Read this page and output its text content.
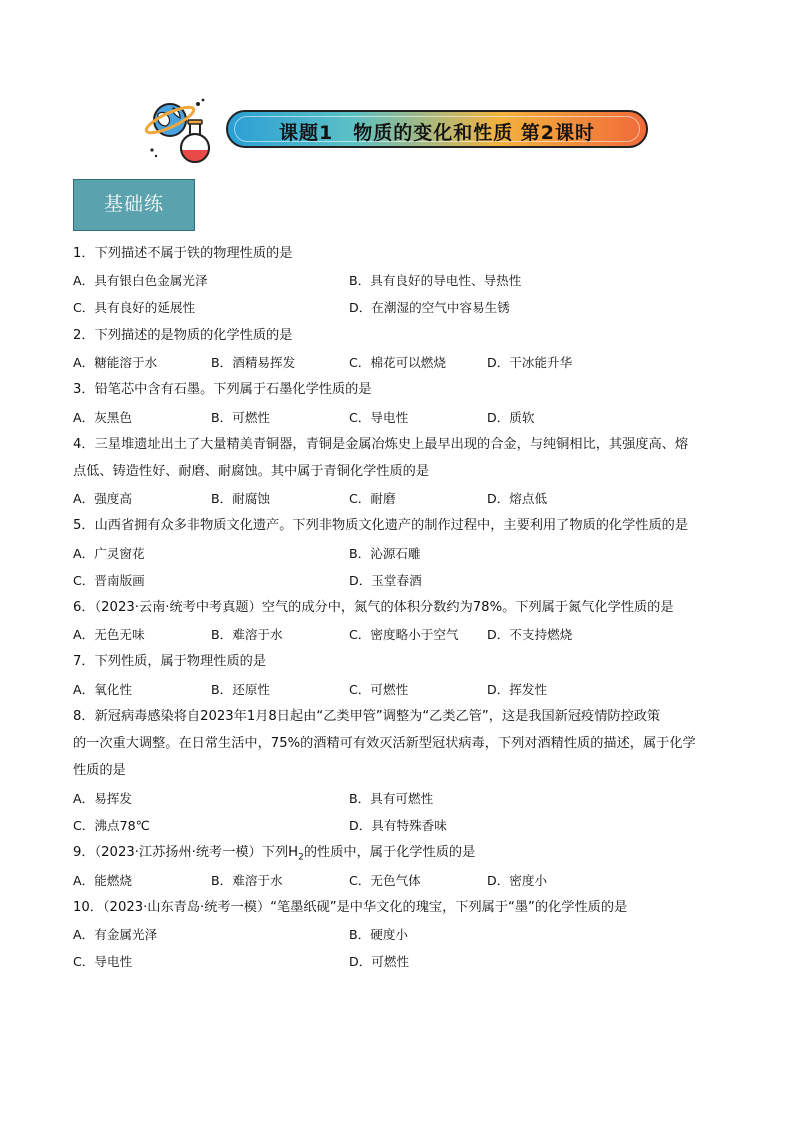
课题1　物质的变化和性质 第2课时
基础练
1．下列描述不属于铁的物理性质的是
A．具有银白色金属光泽	B．具有良好的导电性、导热性
C．具有良好的延展性	D．在潮湿的空气中容易生锈
2．下列描述的是物质的化学性质的是
A．糖能溶于水	B．酒精易挥发	C．棉花可以燃烧	D．干冰能升华
3．铅笔芯中含有石墨。下列属于石墨化学性质的是
A．灰黑色	B．可燃性	C．导电性	D．质软
4．三星堆遗址出土了大量精美青铜器，青铜是金属冶炼史上最早出现的合金，与纯铜相比，其强度高、熔
点低、铸造性好、耐磨、耐腐蚀。其中属于青铜化学性质的是
A．强度高	B．耐腐蚀	C．耐磨	D．熔点低
5．山西省拥有众多非物质文化遗产。下列非物质文化遗产的制作过程中，主要利用了物质的化学性质的是
A．广灵窗花	B．沁源石雕
C．晋南版画	D．玉堂春酒
6．（2023·云南·统考中考真题）空气的成分中，氮气的体积分数约为78%。下列属于氮气化学性质的是
A．无色无味	B．难溶于水	C．密度略小于空气 D．不支持燃烧
7．下列性质，属于物理性质的是
A．氧化性	B．还原性	C．可燃性	D．挥发性
8．新冠病毒感染将自2023年1月8日起由“乙类甲管”调整为“乙类乙管”，这是我国新冠疫情防控政策
的一次重大调整。在日常生活中，75%的酒精可有效灭活新型冠状病毒，下列对酒精性质的描述，属于化学
性质的是
A．易挥发	B．具有可燃性
C．沸点78℃	D．具有特殊香味
9．（2023·江苏扬州·统考一模）下列$H_2$的性质中，属于化学性质的是
A．能燃烧	B．难溶于水	C．无色气体	D．密度小
10．（2023·山东青岛·统考一模）“笔墨纸砚”是中华文化的瑰宝，下列属于“墨”的化学性质的是
A．有金属光泽	B．硬度小
C．导电性	D．可燃性
